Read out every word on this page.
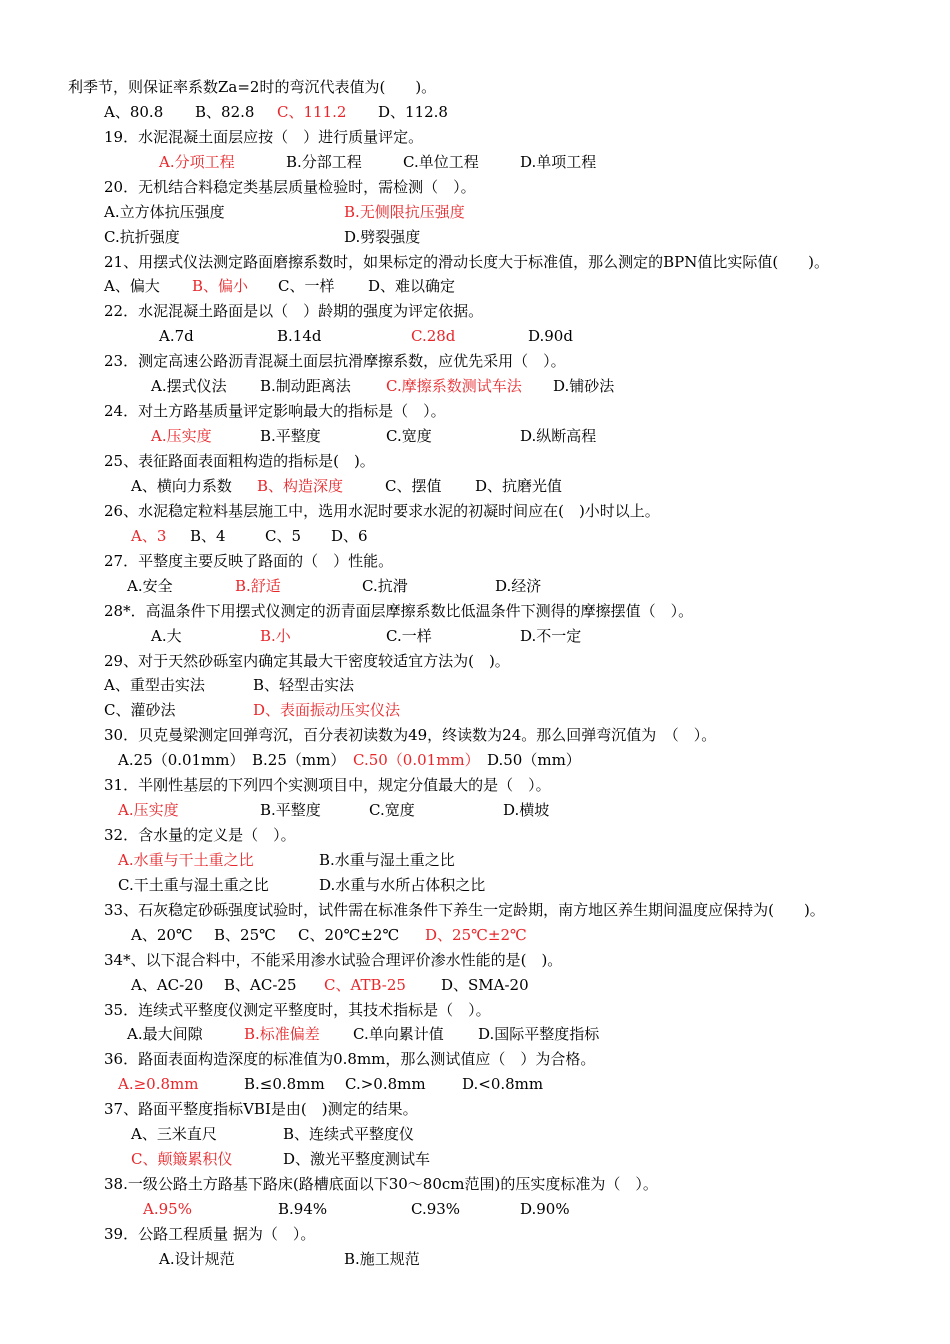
利季节，则保证率系数Za=2时的弯沉代表值为(　　)。
A、80.8 B、82.8 C、111.2 D、112.8
19．水泥混凝土面层应按（　）进行质量评定。
A.分项工程	B.分部工程	C.单位工程	D.单项工程
20．无机结合料稳定类基层质量检验时，需检测（　）。
A.立方体抗压强度	B.无侧限抗压强度
C.抗折强度	D.劈裂强度
21、用摆式仪法测定路面磨擦系数时，如果标定的滑动长度大于标准值，那么测定的BPN值比实际值(　　)。
A、偏大 B、偏小 C、一样 D、难以确定
22．水泥混凝土路面是以（　）龄期的强度为评定依据。
A.7d	B.14d	C.28d	D.90d
23．测定高速公路沥青混凝土面层抗滑摩擦系数，应优先采用（　）。
A.摆式仪法 B.制动距离法 C.摩擦系数测试车法 D.铺砂法
24．对土方路基质量评定影响最大的指标是（　）。
A.压实度	B.平整度	C.宽度	D.纵断高程
25、表征路面表面粗构造的指标是(　)。
A、横向力系数 B、构造深度	C、摆值 D、抗磨光值
26、水泥稳定粒料基层施工中，选用水泥时要求水泥的初凝时间应在(　)小时以上。
A、3 B、4	C、5 D、6
27．平整度主要反映了路面的（　）性能。
A.安全	B.舒适	C.抗滑	D.经济
28*．高温条件下用摆式仪测定的沥青面层摩擦系数比低温条件下测得的摩擦摆值（　）。
A.大	B.小	C.一样	D.不一定
29、对于天然砂砾室内确定其最大干密度较适宜方法为(　)。
A、重型击实法	B、轻型击实法
C、灌砂法	D、表面振动压实仪法
30．贝克曼梁测定回弹弯沉，百分表初读数为49，终读数为24。那么回弹弯沉值为　（　）。
A.25（0.01mm） B.25（mm） C.50（0.01mm） D.50（mm）
31．半刚性基层的下列四个实测项目中，规定分值最大的是（　）。
A.压实度	B.平整度	C.宽度	D.横坡
32．含水量的定义是（　）。
A.水重与干土重之比	B.水重与湿土重之比
C.干土重与湿土重之比	D.水重与水所占体积之比
33、石灰稳定砂砾强度试验时，试件需在标准条件下养生一定龄期，南方地区养生期间温度应保持为(　　)。
A、20℃ B、25℃ C、20℃±2℃ D、25℃±2℃
34*、以下混合料中，不能采用渗水试验合理评价渗水性能的是(　)。
A、AC-20 B、AC-25 C、ATB-25 D、SMA-20
35．连续式平整度仪测定平整度时，其技术指标是（　）。
A.最大间隙	B.标准偏差 C.单向累计值 D.国际平整度指标
36．路面表面构造深度的标准值为0.8mm，那么测试值应（　）为合格。
A.≥0.8mm	B.≤0.8mm C.>0.8mm D.<0.8mm
37、路面平整度指标VBI是由(　)测定的结果。
A、三米直尺	B、连续式平整度仪
C、颠簸累积仪	D、激光平整度测试车
38.一级公路土方路基下路床(路槽底面以下30～80cm范围)的压实度标准为（　）。
A.95%	B.94%	C.93%	D.90%
39．公路工程质量 据为（　）。
A.设计规范	B.施工规范
